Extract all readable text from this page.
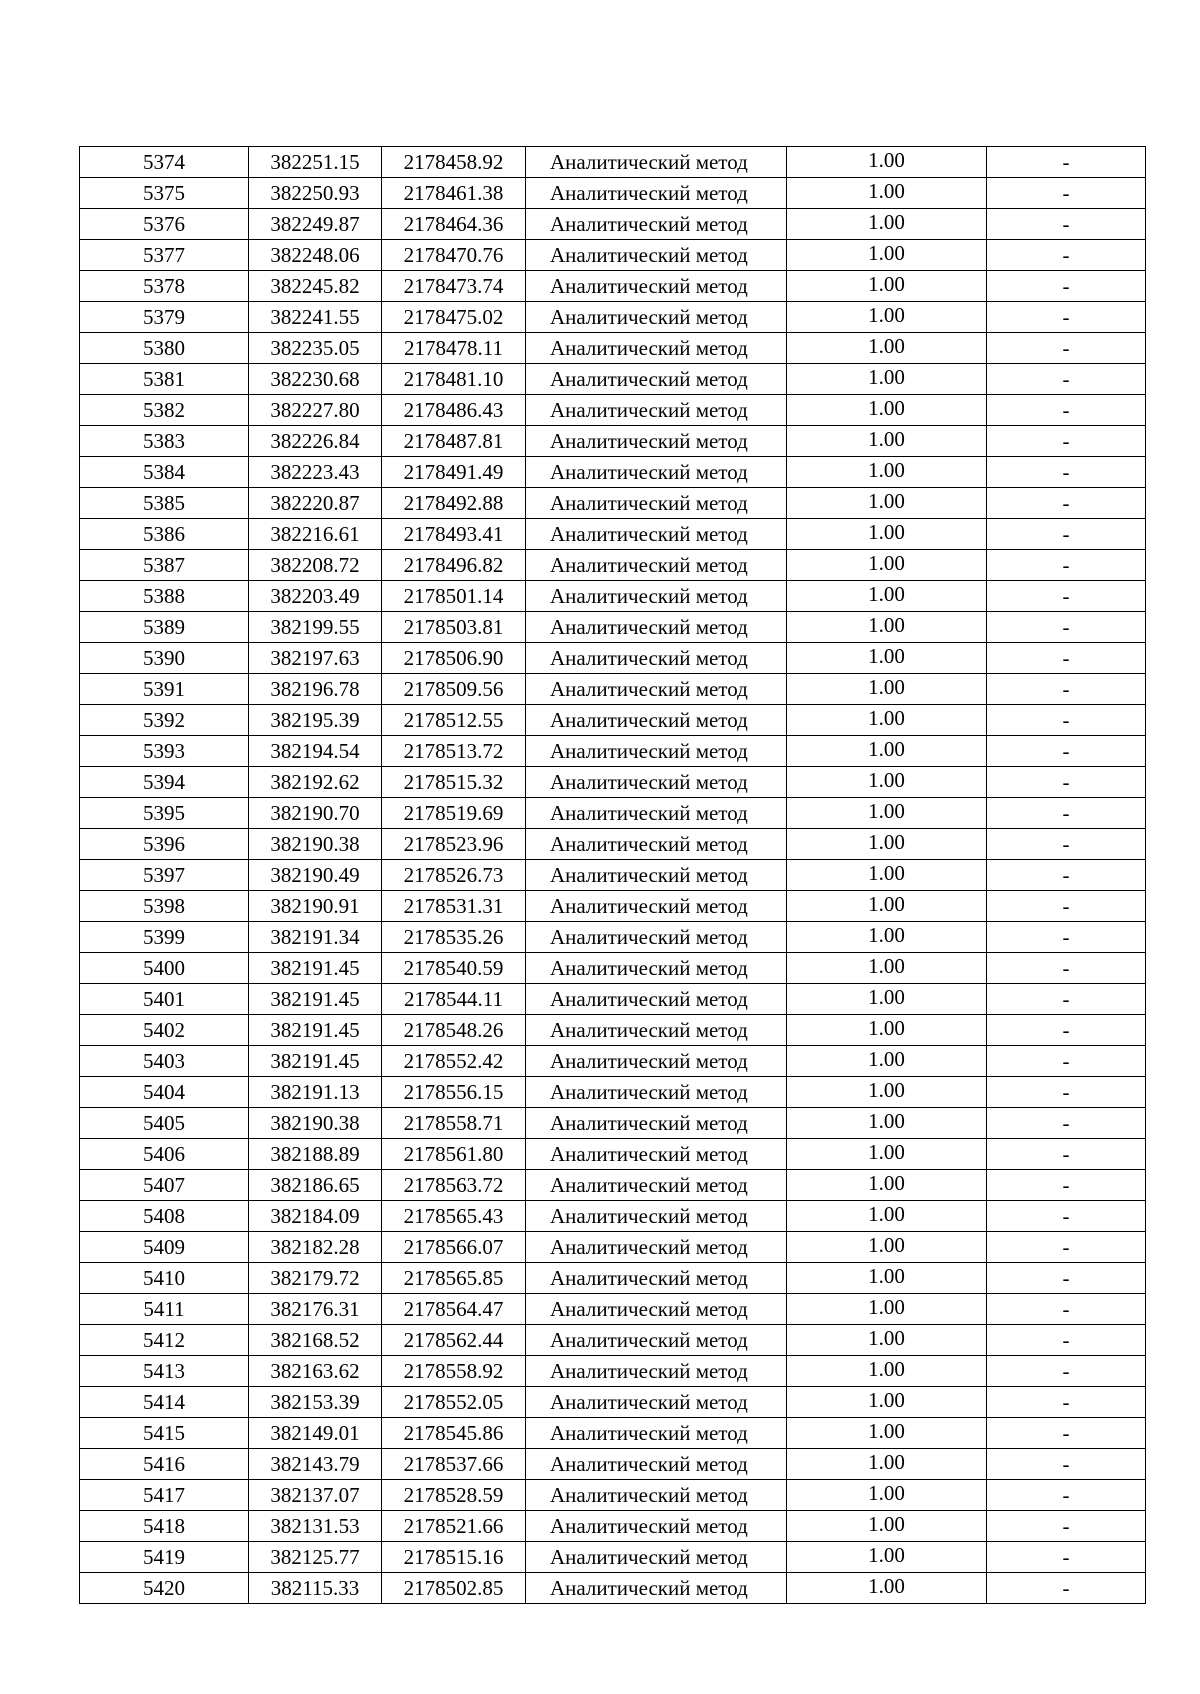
5374	382251.15	2178458.92	Аналитический метод	1.00	-
5375	382250.93	2178461.38	Аналитический метод	1.00	-
5376	382249.87	2178464.36	Аналитический метод	1.00	-
5377	382248.06	2178470.76	Аналитический метод	1.00	-
5378	382245.82	2178473.74	Аналитический метод	1.00	-
5379	382241.55	2178475.02	Аналитический метод	1.00	-
5380	382235.05	2178478.11	Аналитический метод	1.00	-
5381	382230.68	2178481.10	Аналитический метод	1.00	-
5382	382227.80	2178486.43	Аналитический метод	1.00	-
5383	382226.84	2178487.81	Аналитический метод	1.00	-
5384	382223.43	2178491.49	Аналитический метод	1.00	-
5385	382220.87	2178492.88	Аналитический метод	1.00	-
5386	382216.61	2178493.41	Аналитический метод	1.00	-
5387	382208.72	2178496.82	Аналитический метод	1.00	-
5388	382203.49	2178501.14	Аналитический метод	1.00	-
5389	382199.55	2178503.81	Аналитический метод	1.00	-
5390	382197.63	2178506.90	Аналитический метод	1.00	-
5391	382196.78	2178509.56	Аналитический метод	1.00	-
5392	382195.39	2178512.55	Аналитический метод	1.00	-
5393	382194.54	2178513.72	Аналитический метод	1.00	-
5394	382192.62	2178515.32	Аналитический метод	1.00	-
5395	382190.70	2178519.69	Аналитический метод	1.00	-
5396	382190.38	2178523.96	Аналитический метод	1.00	-
5397	382190.49	2178526.73	Аналитический метод	1.00	-
5398	382190.91	2178531.31	Аналитический метод	1.00	-
5399	382191.34	2178535.26	Аналитический метод	1.00	-
5400	382191.45	2178540.59	Аналитический метод	1.00	-
5401	382191.45	2178544.11	Аналитический метод	1.00	-
5402	382191.45	2178548.26	Аналитический метод	1.00	-
5403	382191.45	2178552.42	Аналитический метод	1.00	-
5404	382191.13	2178556.15	Аналитический метод	1.00	-
5405	382190.38	2178558.71	Аналитический метод	1.00	-
5406	382188.89	2178561.80	Аналитический метод	1.00	-
5407	382186.65	2178563.72	Аналитический метод	1.00	-
5408	382184.09	2178565.43	Аналитический метод	1.00	-
5409	382182.28	2178566.07	Аналитический метод	1.00	-
5410	382179.72	2178565.85	Аналитический метод	1.00	-
5411	382176.31	2178564.47	Аналитический метод	1.00	-
5412	382168.52	2178562.44	Аналитический метод	1.00	-
5413	382163.62	2178558.92	Аналитический метод	1.00	-
5414	382153.39	2178552.05	Аналитический метод	1.00	-
5415	382149.01	2178545.86	Аналитический метод	1.00	-
5416	382143.79	2178537.66	Аналитический метод	1.00	-
5417	382137.07	2178528.59	Аналитический метод	1.00	-
5418	382131.53	2178521.66	Аналитический метод	1.00	-
5419	382125.77	2178515.16	Аналитический метод	1.00	-
5420	382115.33	2178502.85	Аналитический метод	1.00	-
